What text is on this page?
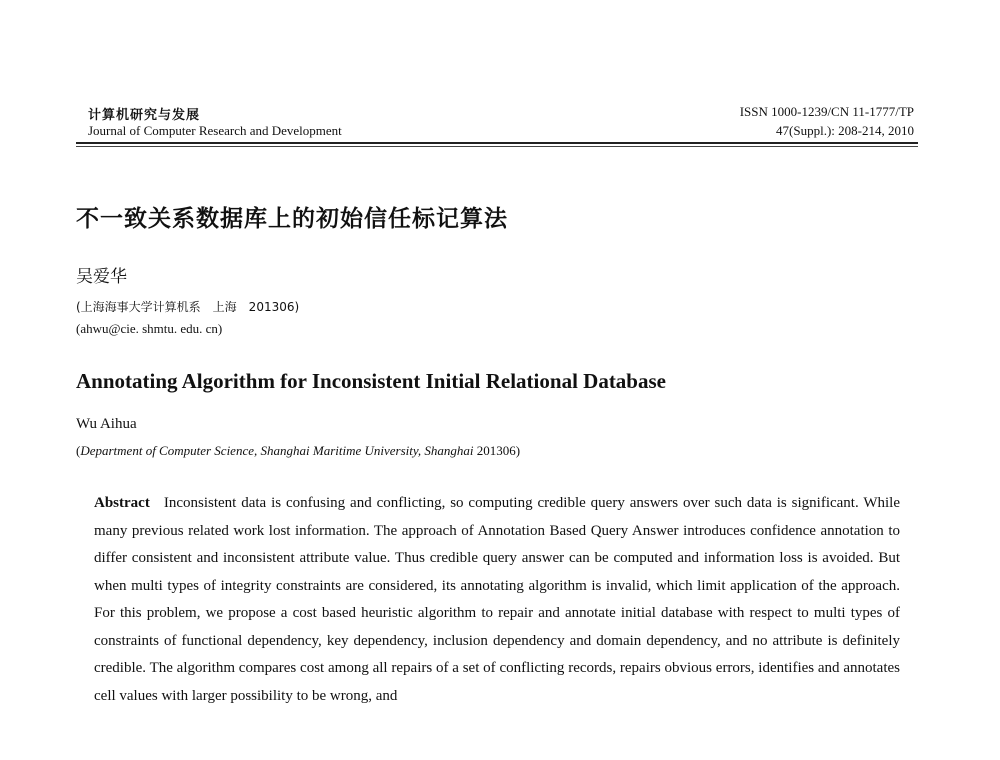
计算机研究与发展
Journal of Computer Research and Development
ISSN 1000-1239/CN 11-1777/TP
47(Suppl.): 208-214, 2010
不一致关系数据库上的初始信任标记算法
吴爱华
(上海海事大学计算机系　上海　201306)
(ahwu@cie. shmtu. edu. cn)
Annotating Algorithm for Inconsistent Initial Relational Database
Wu Aihua
(Department of Computer Science, Shanghai Maritime University, Shanghai 201306)
Abstract Inconsistent data is confusing and conflicting, so computing credible query answers over such data is significant. While many previous related work lost information. The approach of Annotation Based Query Answer introduces confidence annotation to differ consistent and inconsistent attribute value. Thus credible query answer can be computed and information loss is avoided. But when multi types of integrity constraints are considered, its annotating algorithm is invalid, which limit application of the approach. For this problem, we propose a cost based heuristic algorithm to repair and annotate initial database with respect to multi types of constraints of functional dependency, key dependency, inclusion dependency and domain dependency, and no attribute is definitely credible. The algorithm compares cost among all repairs of a set of conflicting records, repairs obvious errors, identifies and annotates cell values with larger possibility to be wrong, and
